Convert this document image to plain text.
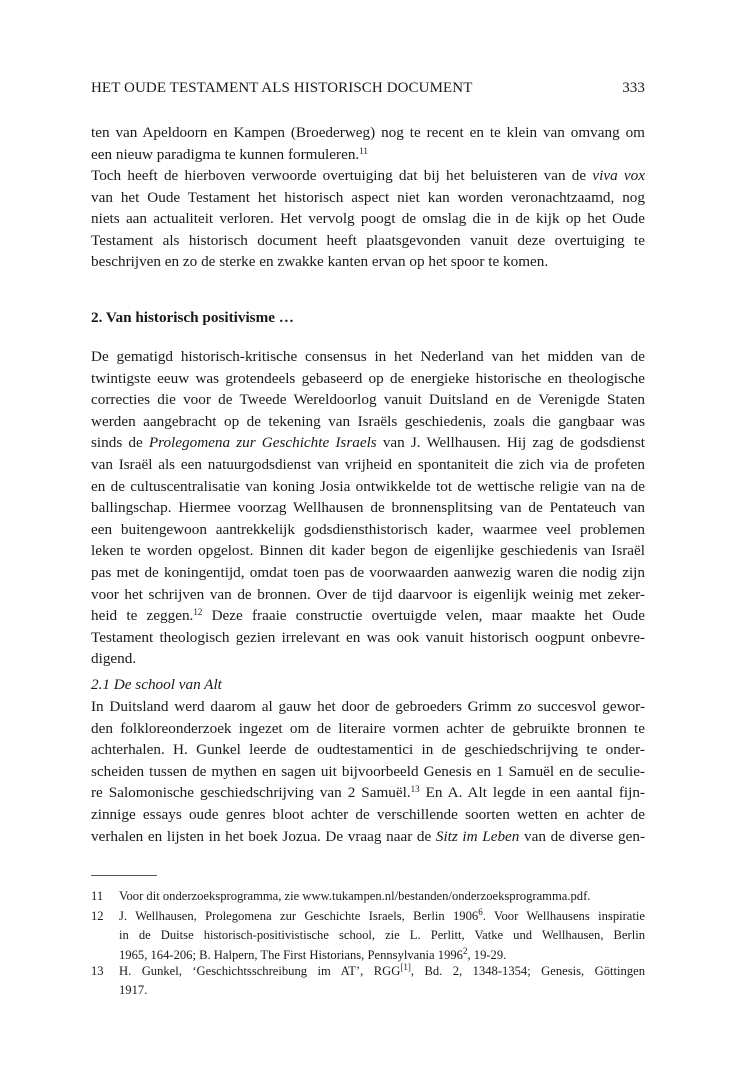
HET OUDE TESTAMENT ALS HISTORISCH DOCUMENT	333
ten van Apeldoorn en Kampen (Broederweg) nog te recent en te klein van omvang om
een nieuw paradigma te kunnen formuleren.$^{11}$
Toch heeft de hierboven verwoorde overtuiging dat bij het beluisteren van de viva vox
van het Oude Testament het historisch aspect niet kan worden veronachtzaamd, nog
niets aan actualiteit verloren. Het vervolg poogt de omslag die in de kijk op het Oude
Testament als historisch document heeft plaatsgevonden vanuit deze overtuiging te
beschrijven en zo de sterke en zwakke kanten ervan op het spoor te komen.
2. Van historisch positivisme …
De gematigd historisch-kritische consensus in het Nederland van het midden van de
twintigste eeuw was grotendeels gebaseerd op de energieke historische en theologische
correcties die voor de Tweede Wereldoorlog vanuit Duitsland en de Verenigde Staten
werden aangebracht op de tekening van Israëls geschiedenis, zoals die gangbaar was
sinds de Prolegomena zur Geschichte Israels van J. Wellhausen. Hij zag de godsdienst
van Israël als een natuurgodsdienst van vrijheid en spontaniteit die zich via de profeten
en de cultuscentralisatie van koning Josia ontwikkelde tot de wettische religie van na de
ballingschap. Hiermee voorzag Wellhausen de bronnensplitsing van de Pentateuch van
een buitengewoon aantrekkelijk godsdiensthistorisch kader, waarmee veel problemen
leken te worden opgelost. Binnen dit kader begon de eigenlijke geschiedenis van Israël
pas met de koningentijd, omdat toen pas de voorwaarden aanwezig waren die nodig zijn
voor het schrijven van de bronnen. Over de tijd daarvoor is eigenlijk weinig met zeker-
heid te zeggen.$^{12}$ Deze fraaie constructie overtuigde velen, maar maakte het Oude
Testament theologisch gezien irrelevant en was ook vanuit historisch oogpunt onbevre-
digend.
2.1 De school van Alt
In Duitsland werd daarom al gauw het door de gebroeders Grimm zo succesvol gewor-
den folkloreonderzoek ingezet om de literaire vormen achter de gebruikte bronnen te
achterhalen. H. Gunkel leerde de oudtestamentici in de geschiedschrijving te onder-
scheiden tussen de mythen en sagen uit bijvoorbeeld Genesis en 1 Samuël en de seculie-
re Salomonische geschiedschrijving van 2 Samuël.$^{13}$ En A. Alt legde in een aantal fijn-
zinnige essays oude genres bloot achter de verschillende soorten wetten en achter de
verhalen en lijsten in het boek Jozua. De vraag naar de Sitz im Leben van de diverse gen-
11 Voor dit onderzoeksprogramma, zie www.tukampen.nl/bestanden/onderzoeksprogramma.pdf.
12 J. Wellhausen, Prolegomena zur Geschichte Israels, Berlin 1906$^6$. Voor Wellhausens inspiratie
in de Duitse historisch-positivistische school, zie L. Perlitt, Vatke und Wellhausen, Berlin
1965, 164-206; B. Halpern, The First Historians, Pennsylvania 1996$^2$, 19-29.
13 H. Gunkel, ‘Geschichtsschreibung im AT’, RGG[1], Bd. 2, 1348-1354; Genesis, Göttingen
1917.
